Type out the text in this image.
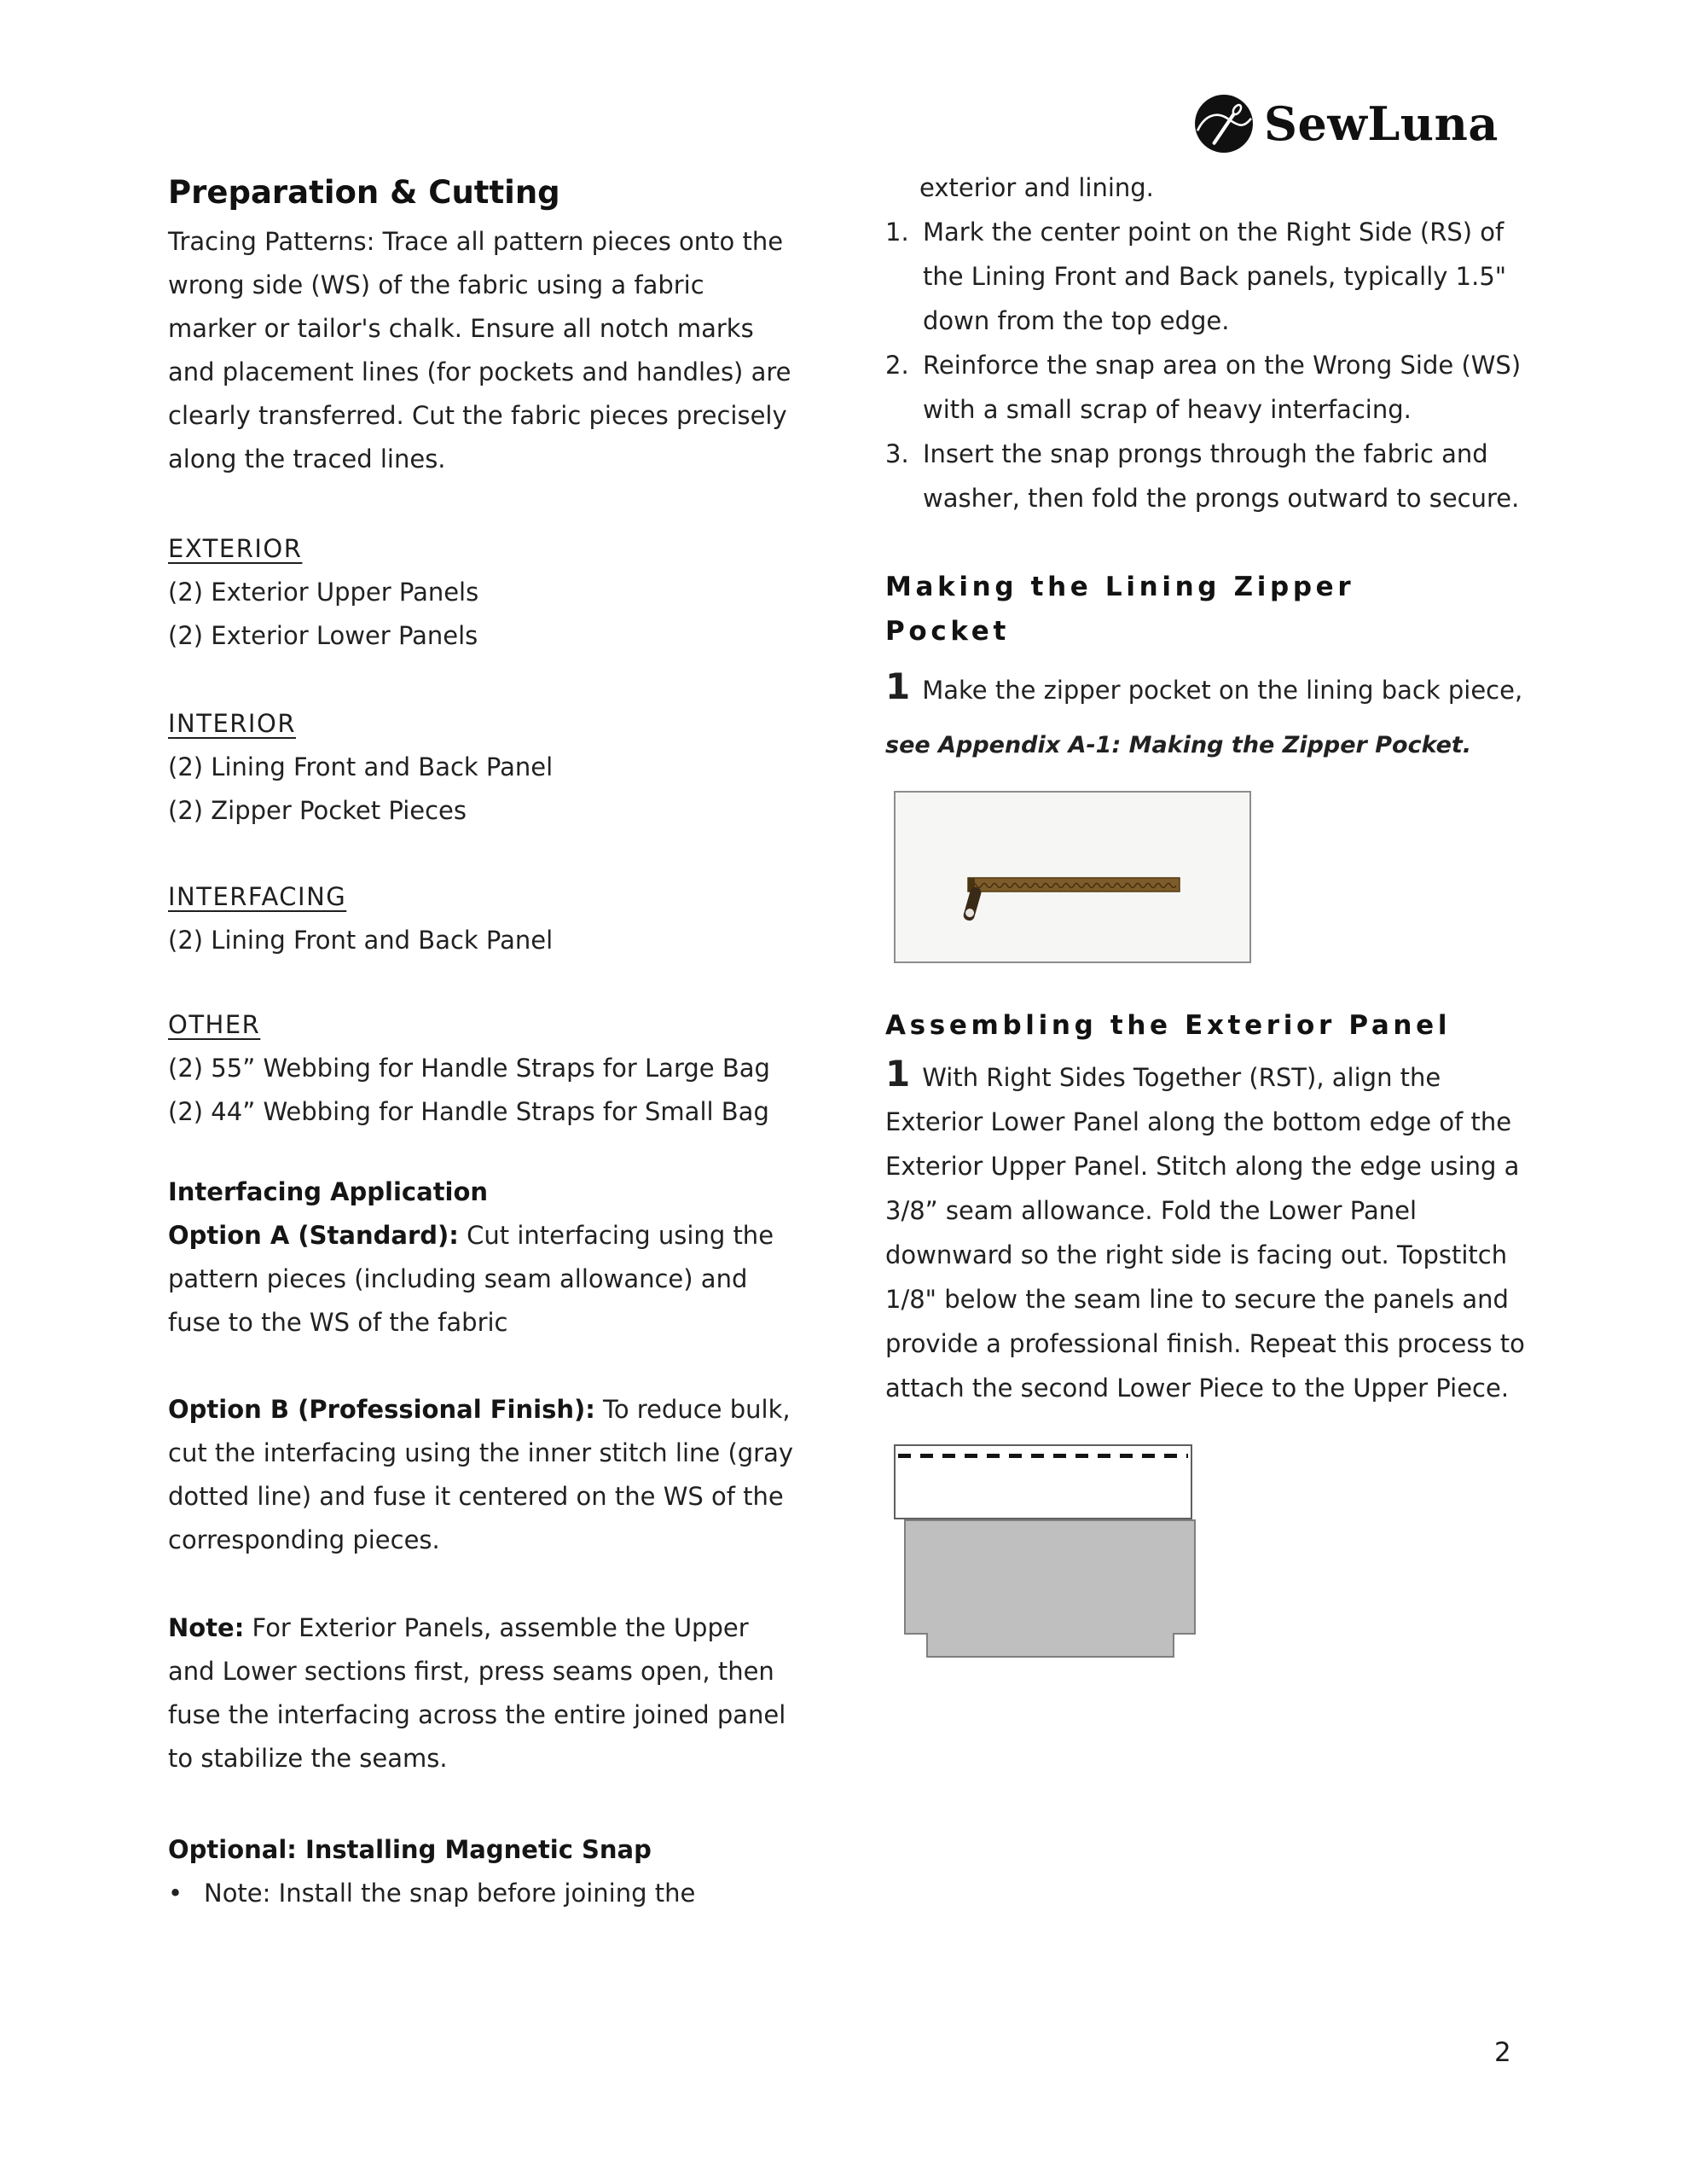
SewLuna
Preparation & Cutting

Tracing Patterns: Trace all pattern pieces onto the wrong side (WS) of the fabric using a fabric marker or tailor's chalk. Ensure all notch marks and placement lines (for pockets and handles) are clearly transferred. Cut the fabric pieces precisely along the traced lines.

EXTERIOR

(2) Exterior Upper Panels

(2) Exterior Lower Panels

INTERIOR

(2) Lining Front and Back Panel

(2) Zipper Pocket Pieces

INTERFACING

(2) Lining Front and Back Panel

OTHER

(2) 55” Webbing for Handle Straps for Large Bag (2) 44” Webbing for Handle Straps for Small Bag

Interfacing Application

Option A (Standard): Cut interfacing using the pattern pieces (including seam allowance) and fuse to the WS of the fabric

Option B (Professional Finish): To reduce bulk, cut the interfacing using the inner stitch line (gray dotted line) and fuse it centered on the WS of the corresponding pieces.

Note: For Exterior Panels, assemble the Upper and Lower sections first, press seams open, then fuse the interfacing across the entire joined panel to stabilize the seams.

Optional: Installing Magnetic Snap
• Note: Install the snap before joining the

exterior and lining.

1. Mark the center point on the Right Side (RS) of the Lining Front and Back panels, typically 1.5" down from the top edge.
2. Reinforce the snap area on the Wrong Side (WS) with a small scrap of heavy interfacing.
3. Insert the snap prongs through the fabric and washer, then fold the prongs outward to secure.
Making the Lining Zipper Pocket

1 Make the zipper pocket on the lining back piece, see Appendix A-1: Making the Zipper Pocket.

Assembling the Exterior Panel

1 With Right Sides Together (RST), align the Exterior Lower Panel along the bottom edge of the Exterior Upper Panel. Stitch along the edge using a 3/8” seam allowance. Fold the Lower Panel downward so the right side is facing out. Topstitch 1/8" below the seam line to secure the panels and provide a professional finish. Repeat this process to attach the second Lower Piece to the Upper Piece.

2
